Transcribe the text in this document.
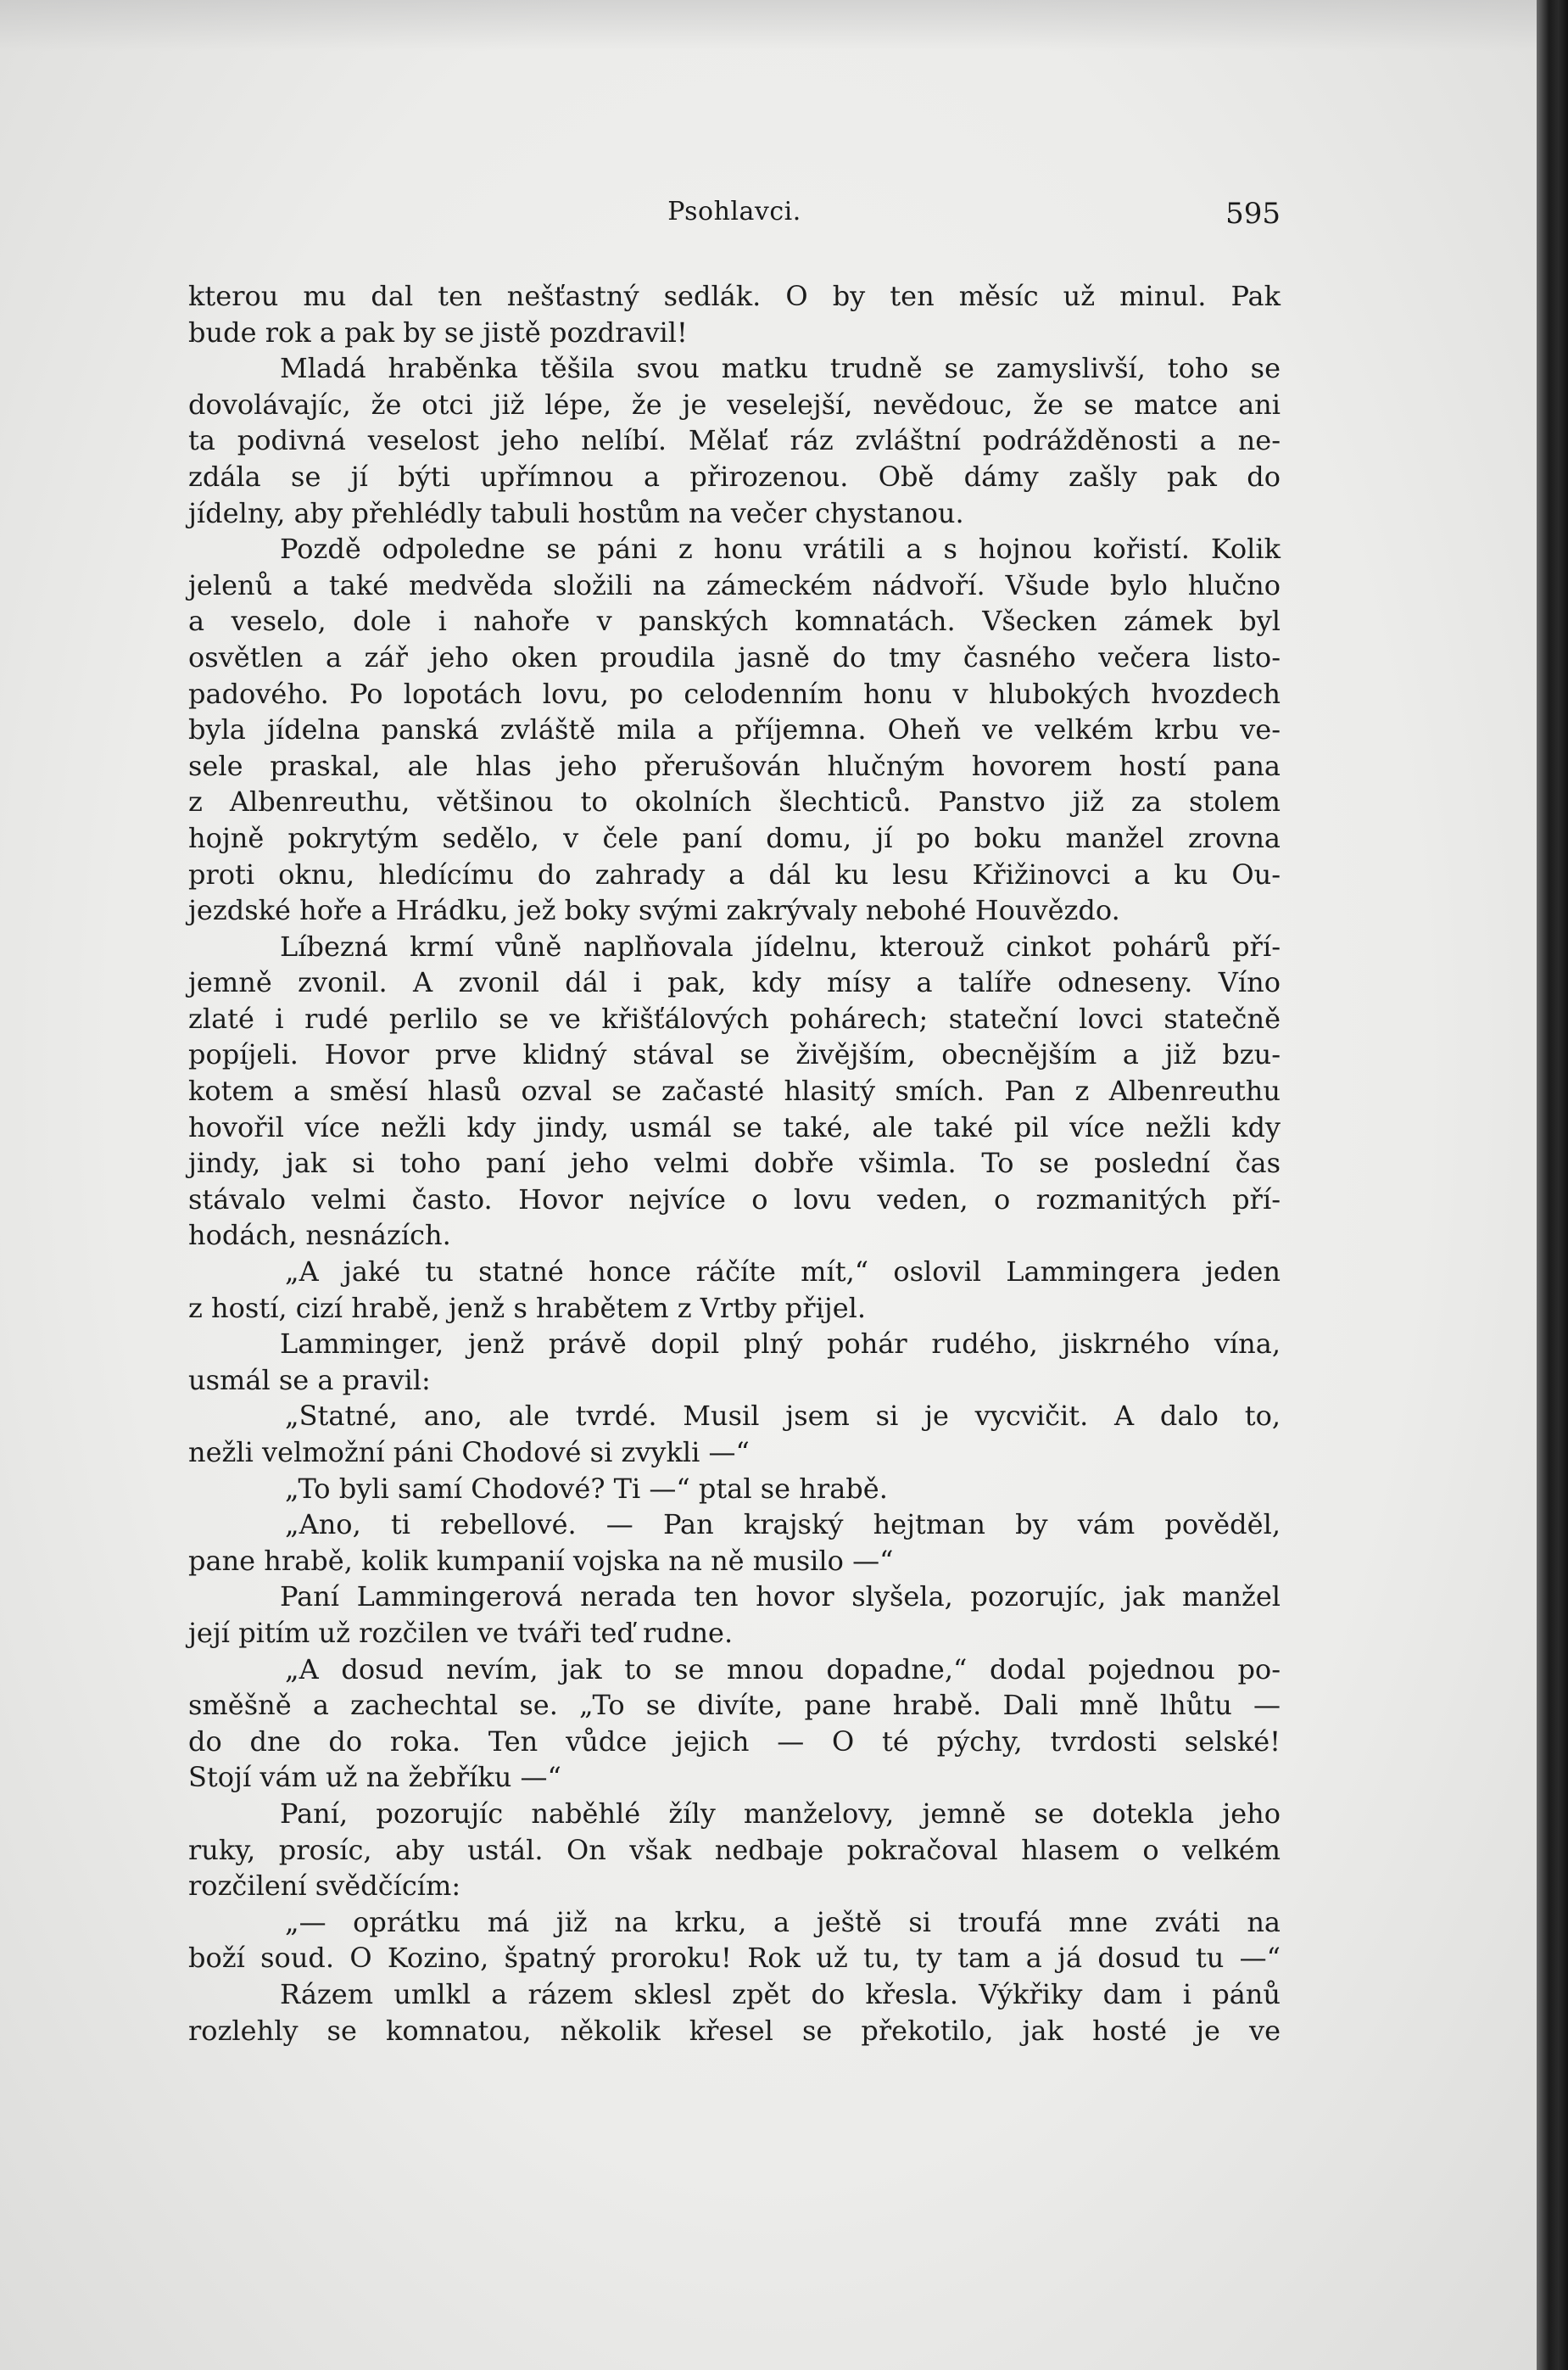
Psohlavci.	595

kterou mu dal ten nešťastný sedlák. O by ten měsíc už minul. Pak

bude rok a pak by se jistě pozdravil!

Mladá hraběnka těšila svou matku trudně se zamyslivší, toho se

dovolávajíc, že otci již lépe, že je veselejší, nevědouc, že se matce ani

ta podivná veselost jeho nelíbí. Mělať ráz zvláštní podrážděnosti a ne-

zdála se jí býti upřímnou a přirozenou. Obě dámy zašly pak do

jídelny, aby přehlédly tabuli hostům na večer chystanou.

Pozdě odpoledne se páni z honu vrátili a s hojnou kořistí. Kolik

jelenů a také medvěda složili na zámeckém nádvoří. Všude bylo hlučno

a veselo, dole i nahoře v panských komnatách. Všecken zámek byl

osvětlen a zář jeho oken proudila jasně do tmy časného večera listo-

padového. Po lopotách lovu, po celodenním honu v hlubokých hvozdech

byla jídelna panská zvláště mila a příjemna. Oheň ve velkém krbu ve-

sele praskal, ale hlas jeho přerušován hlučným hovorem hostí pana

z Albenreuthu, většinou to okolních šlechticů. Panstvo již za stolem

hojně pokrytým sedělo, v čele paní domu, jí po boku manžel zrovna

proti oknu, hledícímu do zahrady a dál ku lesu Křižinovci a ku Ou-

jezdské hoře a Hrádku, jež boky svými zakrývaly nebohé Houvězdo.

Líbezná krmí vůně naplňovala jídelnu, kterouž cinkot pohárů pří-

jemně zvonil. A zvonil dál i pak, kdy mísy a talíře odneseny. Víno

zlaté i rudé perlilo se ve křišťálových pohárech; stateční lovci statečně

popíjeli. Hovor prve klidný stával se živějším, obecnějším a již bzu-

kotem a směsí hlasů ozval se začasté hlasitý smích. Pan z Albenreuthu

hovořil více nežli kdy jindy, usmál se také, ale také pil více nežli kdy

jindy, jak si toho paní jeho velmi dobře všimla. To se poslední čas

stávalo velmi často. Hovor nejvíce o lovu veden, o rozmanitých pří-

hodách, nesnázích.

„A jaké tu statné honce ráčíte mít,“ oslovil Lammingera jeden

z hostí, cizí hrabě, jenž s hrabětem z Vrtby přijel.

Lamminger, jenž právě dopil plný pohár rudého, jiskrného vína,

usmál se a pravil:

„Statné, ano, ale tvrdé. Musil jsem si je vycvičit. A dalo to,

nežli velmožní páni Chodové si zvykli —“

„To byli samí Chodové? Ti —“ ptal se hrabě.

„Ano, ti rebellové. — Pan krajský hejtman by vám pověděl,

pane hrabě, kolik kumpanií vojska na ně musilo —“

Paní Lammingerová nerada ten hovor slyšela, pozorujíc, jak manžel

její pitím už rozčilen ve tváři teď rudne.

„A dosud nevím, jak to se mnou dopadne,“ dodal pojednou po-

směšně a zachechtal se. „To se divíte, pane hrabě. Dali mně lhůtu —

do dne do roka. Ten vůdce jejich — O té pýchy, tvrdosti selské!

Stojí vám už na žebříku —“

Paní, pozorujíc naběhlé žíly manželovy, jemně se dotekla jeho

ruky, prosíc, aby ustál. On však nedbaje pokračoval hlasem o velkém

rozčilení svědčícím:

„— oprátku má již na krku, a ještě si troufá mne zváti na

boží soud. O Kozino, špatný proroku! Rok už tu, ty tam a já dosud tu —“

Rázem umlkl a rázem sklesl zpět do křesla. Výkřiky dam i pánů

rozlehly se komnatou, několik křesel se překotilo, jak hosté je ve
